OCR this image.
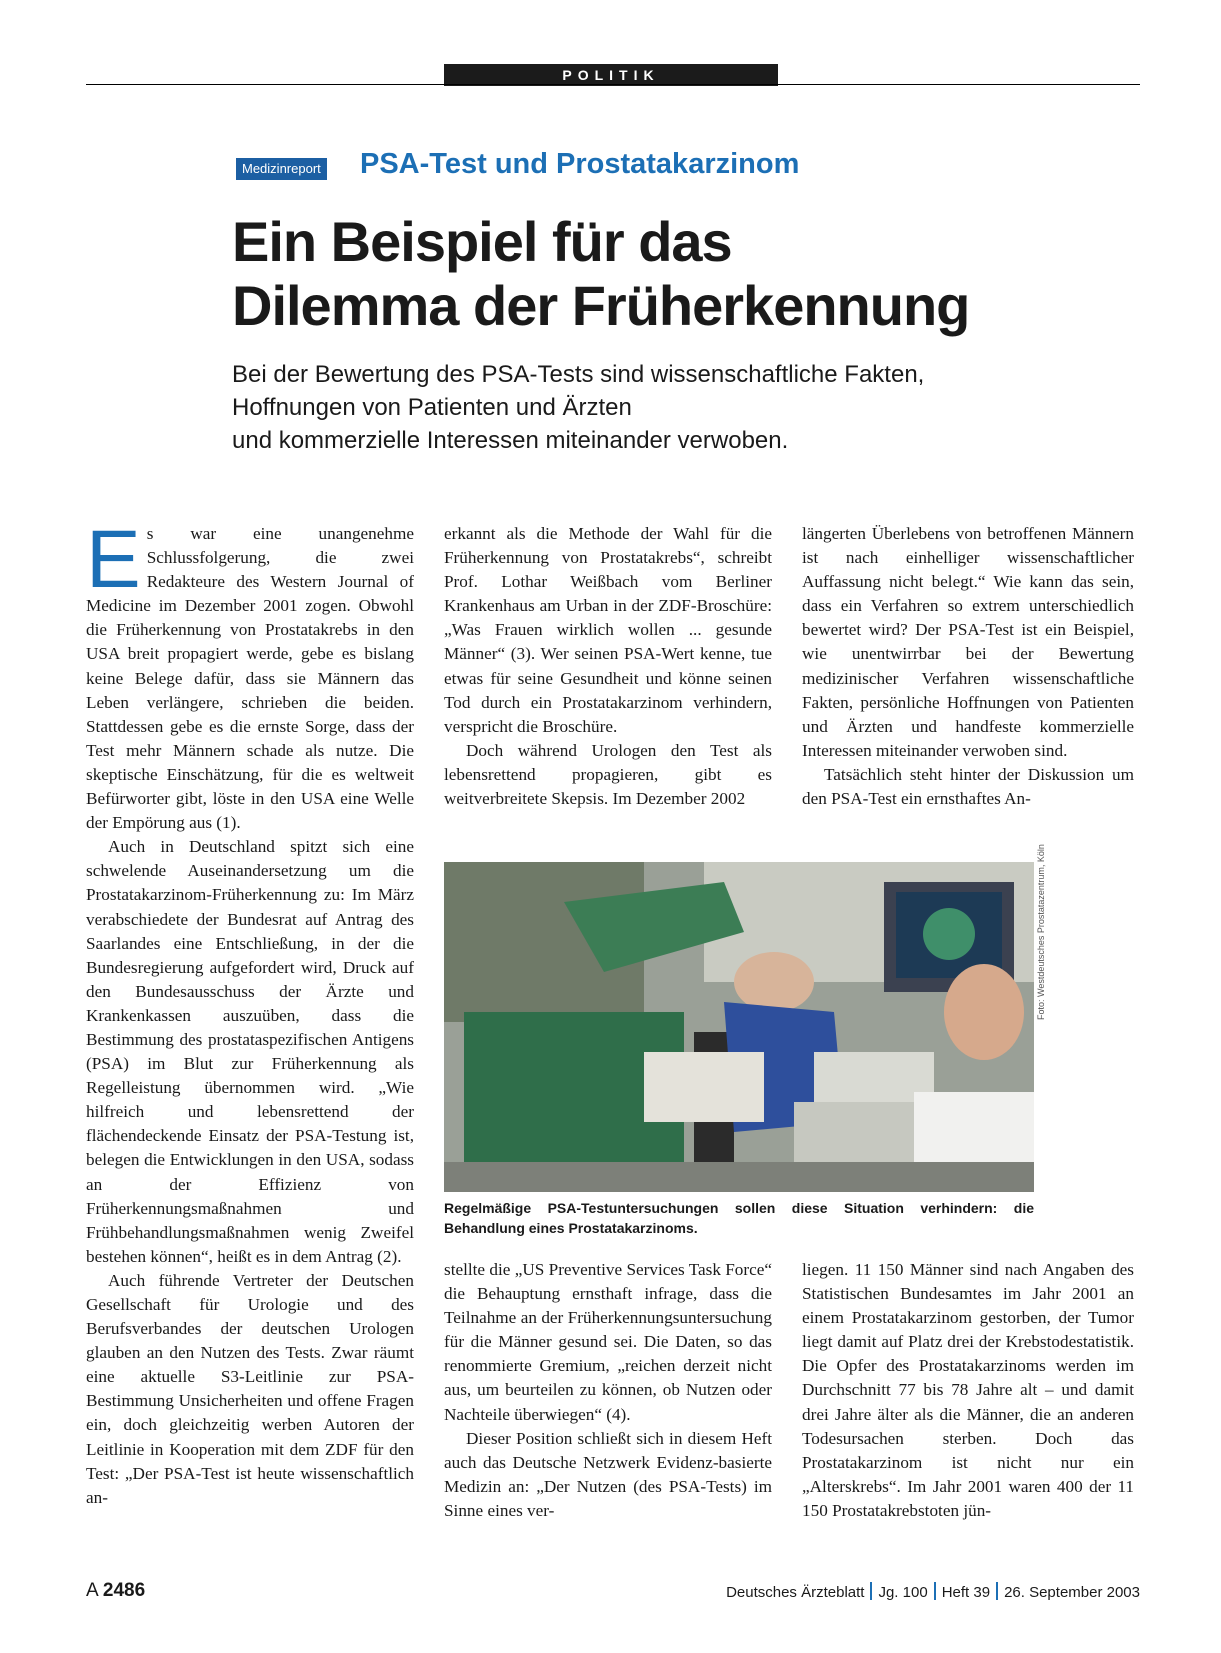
POLITIK
Medizinreport PSA-Test und Prostatakarzinom
Ein Beispiel für das
Dilemma der Früherkennung
Bei der Bewertung des PSA-Tests sind wissenschaftliche Fakten,
Hoffnungen von Patienten und Ärzten
und kommerzielle Interessen miteinander verwoben.

Es war eine unangenehme Schlussfolgerung, die zwei Redakteure des Western Journal of Medicine im Dezember 2001 zogen. Obwohl die Früherkennung von Prostatakrebs in den USA breit propagiert werde, gebe es bislang keine Belege dafür, dass sie Männern das Leben verlängere, schrieben die beiden. Stattdessen gebe es die ernste Sorge, dass der Test mehr Männern schade als nutze. Die skeptische Einschätzung, für die es weltweit Befürworter gibt, löste in den USA eine Welle der Empörung aus (1).

Auch in Deutschland spitzt sich eine schwelende Auseinandersetzung um die Prostatakarzinom-Früherkennung zu: Im März verabschiedete der Bundesrat auf Antrag des Saarlandes eine Entschließung, in der die Bundesregierung aufgefordert wird, Druck auf den Bundesausschuss der Ärzte und Krankenkassen auszuüben, dass die Bestimmung des prostataspezifischen Antigens (PSA) im Blut zur Früherkennung als Regelleistung übernommen wird. „Wie hilfreich und lebensrettend der flächendeckende Einsatz der PSA-Testung ist, belegen die Entwicklungen in den USA, sodass an der Effizienz von Früherkennungsmaßnahmen und Frühbehandlungsmaßnahmen wenig Zweifel bestehen können“, heißt es in dem Antrag (2).

Auch führende Vertreter der Deutschen Gesellschaft für Urologie und des Berufsverbandes der deutschen Urologen glauben an den Nutzen des Tests. Zwar räumt eine aktuelle S3-Leitlinie zur PSA-Bestimmung Unsicherheiten und offene Fragen ein, doch gleichzeitig werben Autoren der Leitlinie in Kooperation mit dem ZDF für den Test: „Der PSA-Test ist heute wissenschaftlich an-

erkannt als die Methode der Wahl für die Früherkennung von Prostatakrebs“, schreibt Prof. Lothar Weißbach vom Berliner Krankenhaus am Urban in der ZDF-Broschüre: „Was Frauen wirklich wollen ... gesunde Männer“ (3). Wer seinen PSA-Wert kenne, tue etwas für seine Gesundheit und könne seinen Tod durch ein Prostatakarzinom verhindern, verspricht die Broschüre.

Doch während Urologen den Test als lebensrettend propagieren, gibt es weitverbreitete Skepsis. Im Dezember 2002

längerten Überlebens von betroffenen Männern ist nach einhelliger wissenschaftlicher Auffassung nicht belegt.“ Wie kann das sein, dass ein Verfahren so extrem unterschiedlich bewertet wird? Der PSA-Test ist ein Beispiel, wie unentwirrbar bei der Bewertung medizinischer Verfahren wissenschaftliche Fakten, persönliche Hoffnungen von Patienten und Ärzten und handfeste kommerzielle Interessen miteinander verwoben sind.

Tatsächlich steht hinter der Diskussion um den PSA-Test ein ernsthaftes An-

Foto: Westdeutsches Prostatazentrum, Köln
Regelmäßige PSA-Testuntersuchungen sollen diese Situation verhindern: die Behandlung eines Prostatakarzinoms.

stellte die „US Preventive Services Task Force“ die Behauptung ernsthaft infrage, dass die Teilnahme an der Früherkennungsuntersuchung für die Männer gesund sei. Die Daten, so das renommierte Gremium, „reichen derzeit nicht aus, um beurteilen zu können, ob Nutzen oder Nachteile überwiegen“ (4).

Dieser Position schließt sich in diesem Heft auch das Deutsche Netzwerk Evidenz-basierte Medizin an: „Der Nutzen (des PSA-Tests) im Sinne eines ver-

liegen. 11 150 Männer sind nach Angaben des Statistischen Bundesamtes im Jahr 2001 an einem Prostatakarzinom gestorben, der Tumor liegt damit auf Platz drei der Krebstodestatistik. Die Opfer des Prostatakarzinoms werden im Durchschnitt 77 bis 78 Jahre alt – und damit drei Jahre älter als die Männer, die an anderen Todesursachen sterben. Doch das Prostatakarzinom ist nicht nur ein „Alterskrebs“. Im Jahr 2001 waren 400 der 11 150 Prostatakrebstoten jün-

A 2486	Deutsches Ärzteblatt Jg. 100 Heft 39 26. September 2003
